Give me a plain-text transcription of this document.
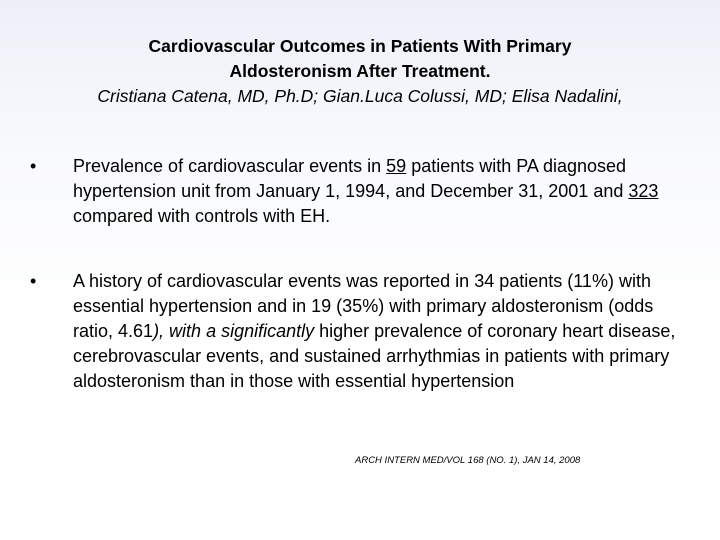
Cardiovascular Outcomes in Patients With Primary
Aldosteronism After Treatment.
Cristiana Catena, MD, Ph.D; Gian.Luca Colussi, MD; Elisa Nadalini,
•	Prevalence of cardiovascular events in 59 patients with PA diagnosed hypertension unit from January 1, 1994, and December 31, 2001 and 323 compared with controls with EH.
•	A history of cardiovascular events was reported in 34 patients (11%) with essential hypertension and in 19 (35%) with primary aldosteronism (odds ratio, 4.61), with a significantly higher prevalence of coronary heart disease, cerebrovascular events, and sustained arrhythmias in patients with primary aldosteronism than in those with essential hypertension
ARCH INTERN MED/VOL 168 (NO. 1), JAN 14, 2008
